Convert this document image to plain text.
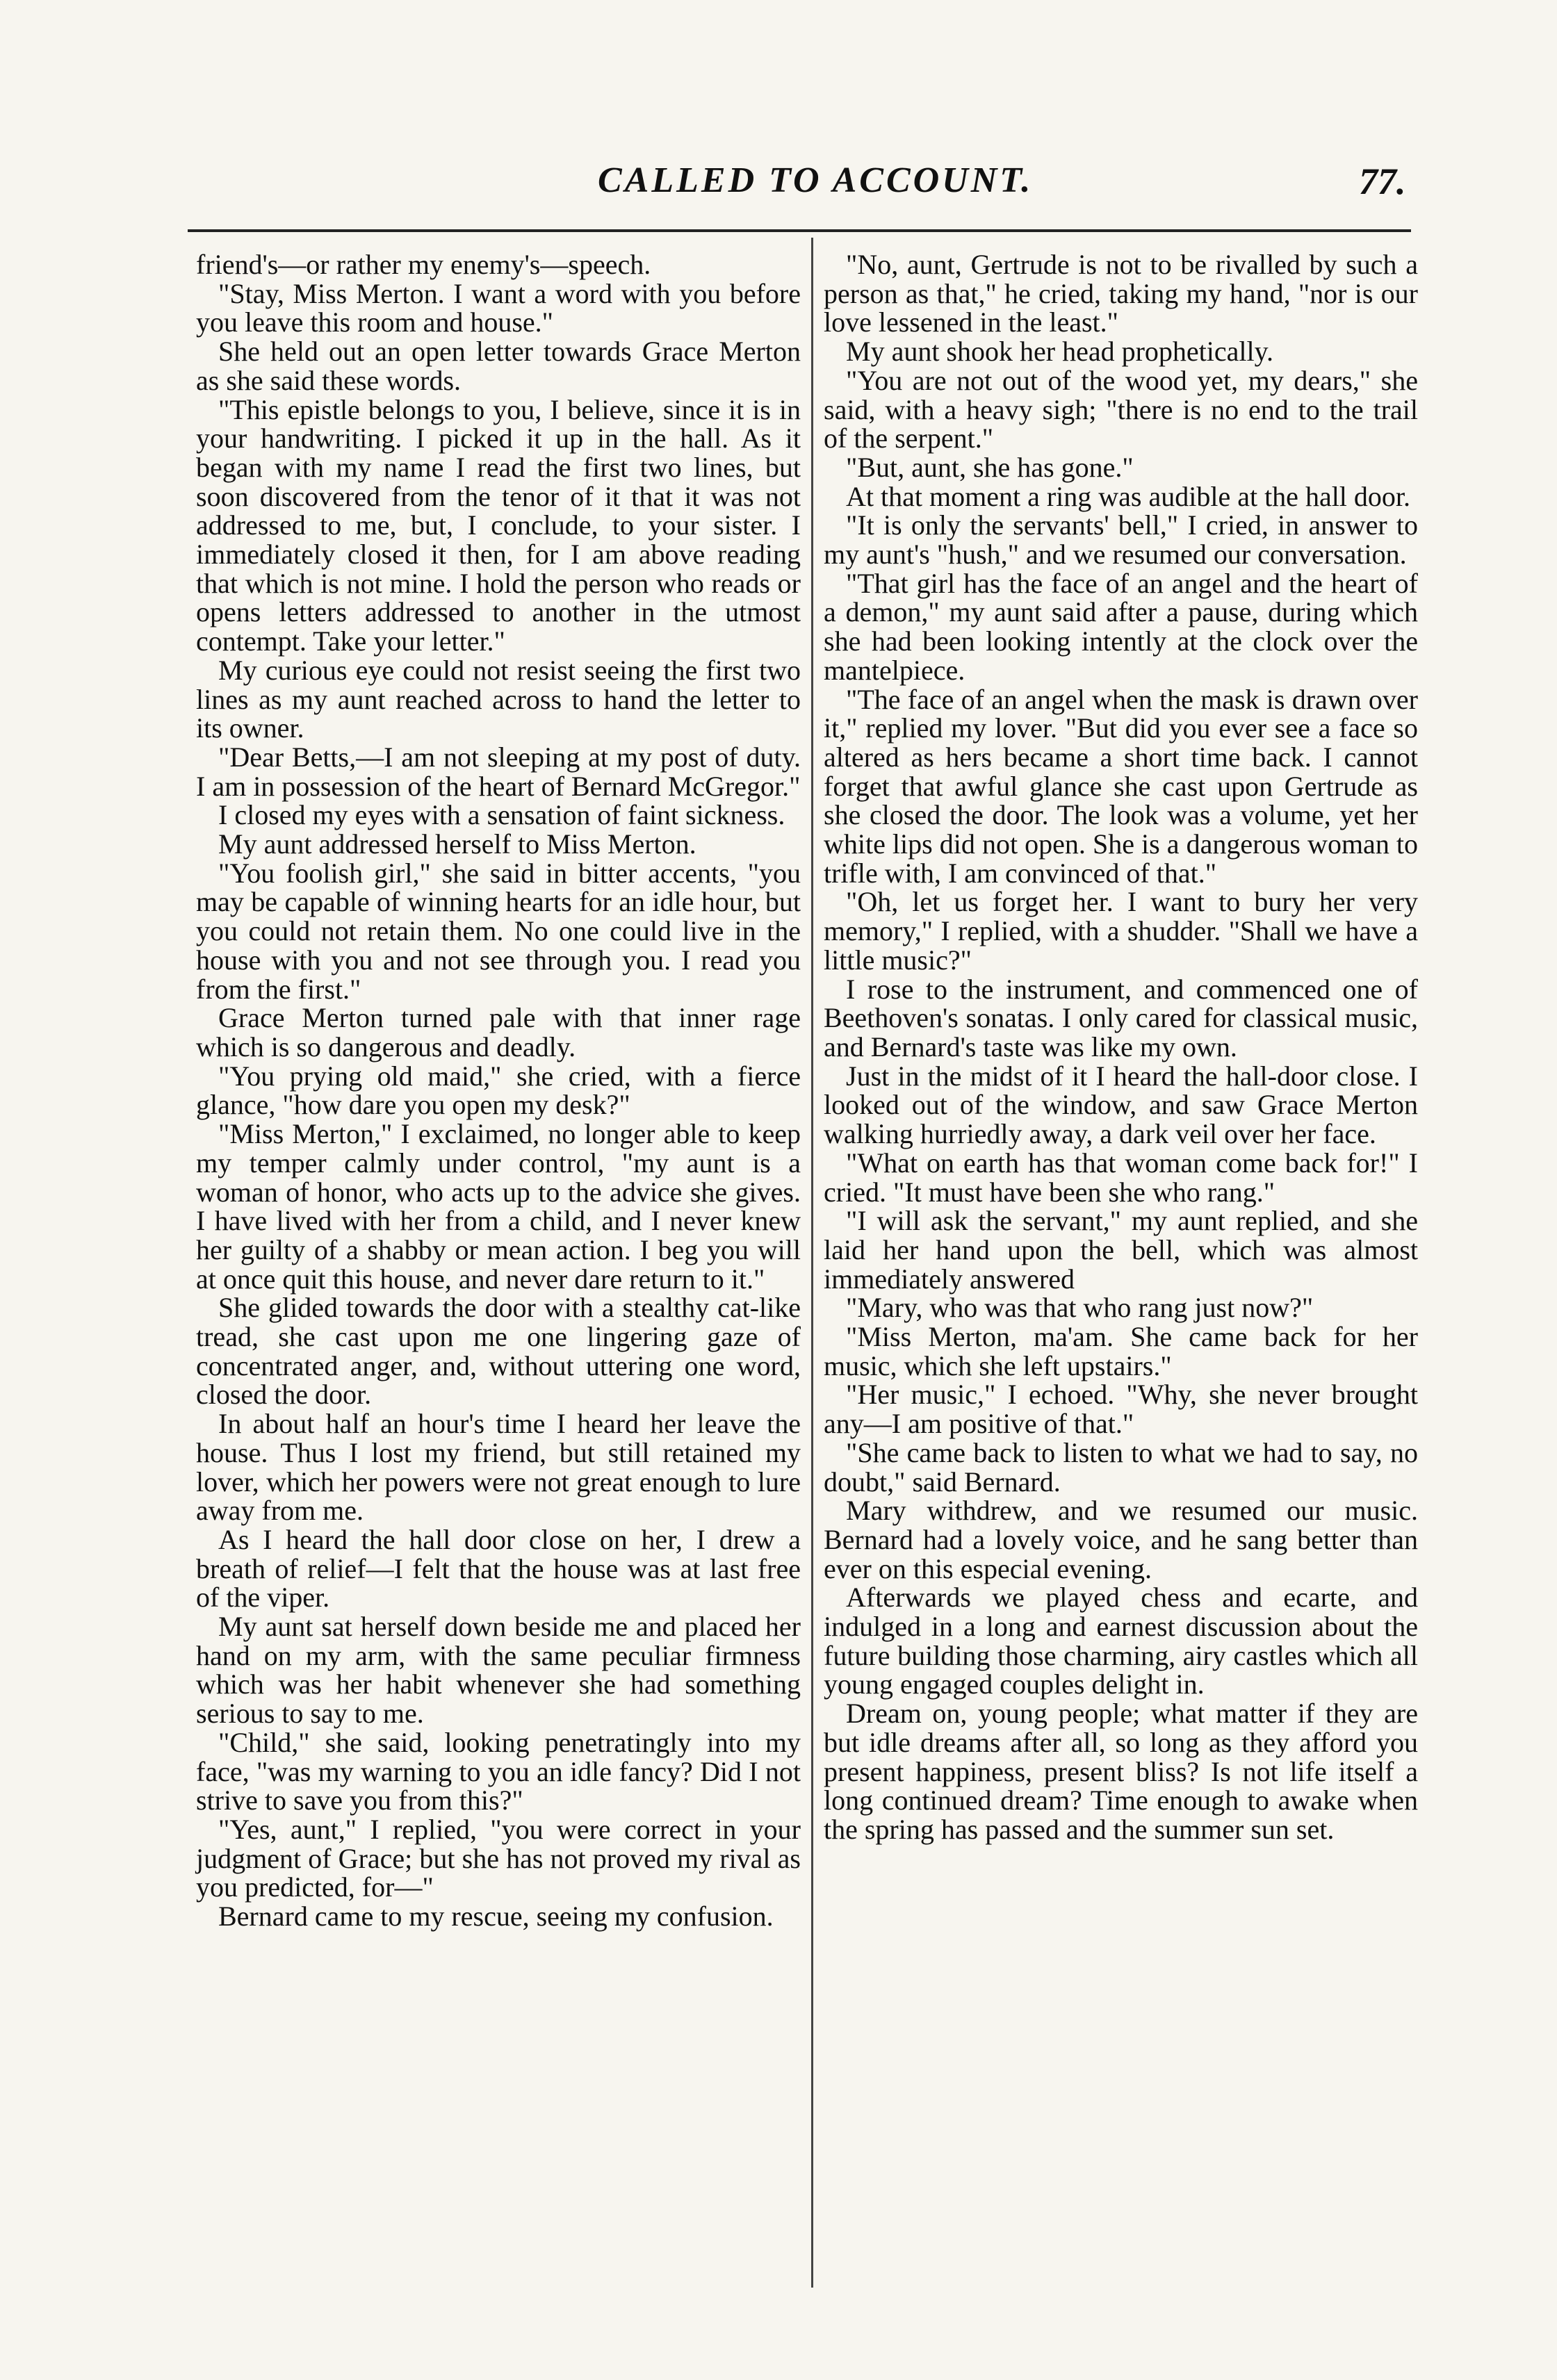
CALLED TO ACCOUNT.	77.

friend's—or rather my enemy's—speech.

"Stay, Miss Merton. I want a word with you before you leave this room and house."

She held out an open letter towards Grace Merton as she said these words.

"This epistle belongs to you, I believe, since it is in your handwriting. I picked it up in the hall. As it began with my name I read the first two lines, but soon discovered from the tenor of it that it was not addressed to me, but, I conclude, to your sister. I immediately closed it then, for I am above reading that which is not mine. I hold the person who reads or opens letters addressed to another in the utmost contempt. Take your letter."

My curious eye could not resist seeing the first two lines as my aunt reached across to hand the letter to its owner.

"Dear Betts,—I am not sleeping at my post of duty. I am in possession of the heart of Bernard McGregor."

I closed my eyes with a sensation of faint sickness.

My aunt addressed herself to Miss Merton.

"You foolish girl," she said in bitter accents, "you may be capable of winning hearts for an idle hour, but you could not retain them. No one could live in the house with you and not see through you. I read you from the first."

Grace Merton turned pale with that inner rage which is so dangerous and deadly.

"You prying old maid," she cried, with a fierce glance, "how dare you open my desk?"

"Miss Merton," I exclaimed, no longer able to keep my temper calmly under control, "my aunt is a woman of honor, who acts up to the advice she gives. I have lived with her from a child, and I never knew her guilty of a shabby or mean action. I beg you will at once quit this house, and never dare return to it."

She glided towards the door with a stealthy cat-like tread, she cast upon me one lingering gaze of concentrated anger, and, without uttering one word, closed the door.

In about half an hour's time I heard her leave the house. Thus I lost my friend, but still retained my lover, which her powers were not great enough to lure away from me.

As I heard the hall door close on her, I drew a breath of relief—I felt that the house was at last free of the viper.

My aunt sat herself down beside me and placed her hand on my arm, with the same peculiar firmness which was her habit whenever she had something serious to say to me.

"Child," she said, looking penetratingly into my face, "was my warning to you an idle fancy? Did I not strive to save you from this?"

"Yes, aunt," I replied, "you were correct in your judgment of Grace; but she has not proved my rival as you predicted, for—"

Bernard came to my rescue, seeing my confusion.

"No, aunt, Gertrude is not to be rivalled by such a person as that," he cried, taking my hand, "nor is our love lessened in the least."

My aunt shook her head prophetically.

"You are not out of the wood yet, my dears," she said, with a heavy sigh; "there is no end to the trail of the serpent."

"But, aunt, she has gone."

At that moment a ring was audible at the hall door.

"It is only the servants' bell," I cried, in answer to my aunt's "hush," and we resumed our conversation.

"That girl has the face of an angel and the heart of a demon," my aunt said after a pause, during which she had been looking intently at the clock over the mantelpiece.

"The face of an angel when the mask is drawn over it," replied my lover. "But did you ever see a face so altered as hers became a short time back. I cannot forget that awful glance she cast upon Gertrude as she closed the door. The look was a volume, yet her white lips did not open. She is a dangerous woman to trifle with, I am convinced of that."

"Oh, let us forget her. I want to bury her very memory," I replied, with a shudder. "Shall we have a little music?"

I rose to the instrument, and commenced one of Beethoven's sonatas. I only cared for classical music, and Bernard's taste was like my own.

Just in the midst of it I heard the hall-door close. I looked out of the window, and saw Grace Merton walking hurriedly away, a dark veil over her face.

"What on earth has that woman come back for!" I cried. "It must have been she who rang."

"I will ask the servant," my aunt replied, and she laid her hand upon the bell, which was almost immediately answered

"Mary, who was that who rang just now?"

"Miss Merton, ma'am. She came back for her music, which she left upstairs."

"Her music," I echoed. "Why, she never brought any—I am positive of that."

"She came back to listen to what we had to say, no doubt," said Bernard.

Mary withdrew, and we resumed our music. Bernard had a lovely voice, and he sang better than ever on this especial evening.

Afterwards we played chess and ecarte, and indulged in a long and earnest discussion about the future building those charming, airy castles which all young engaged couples delight in.

Dream on, young people; what matter if they are but idle dreams after all, so long as they afford you present happiness, present bliss? Is not life itself a long continued dream? Time enough to awake when the spring has passed and the summer sun set.
